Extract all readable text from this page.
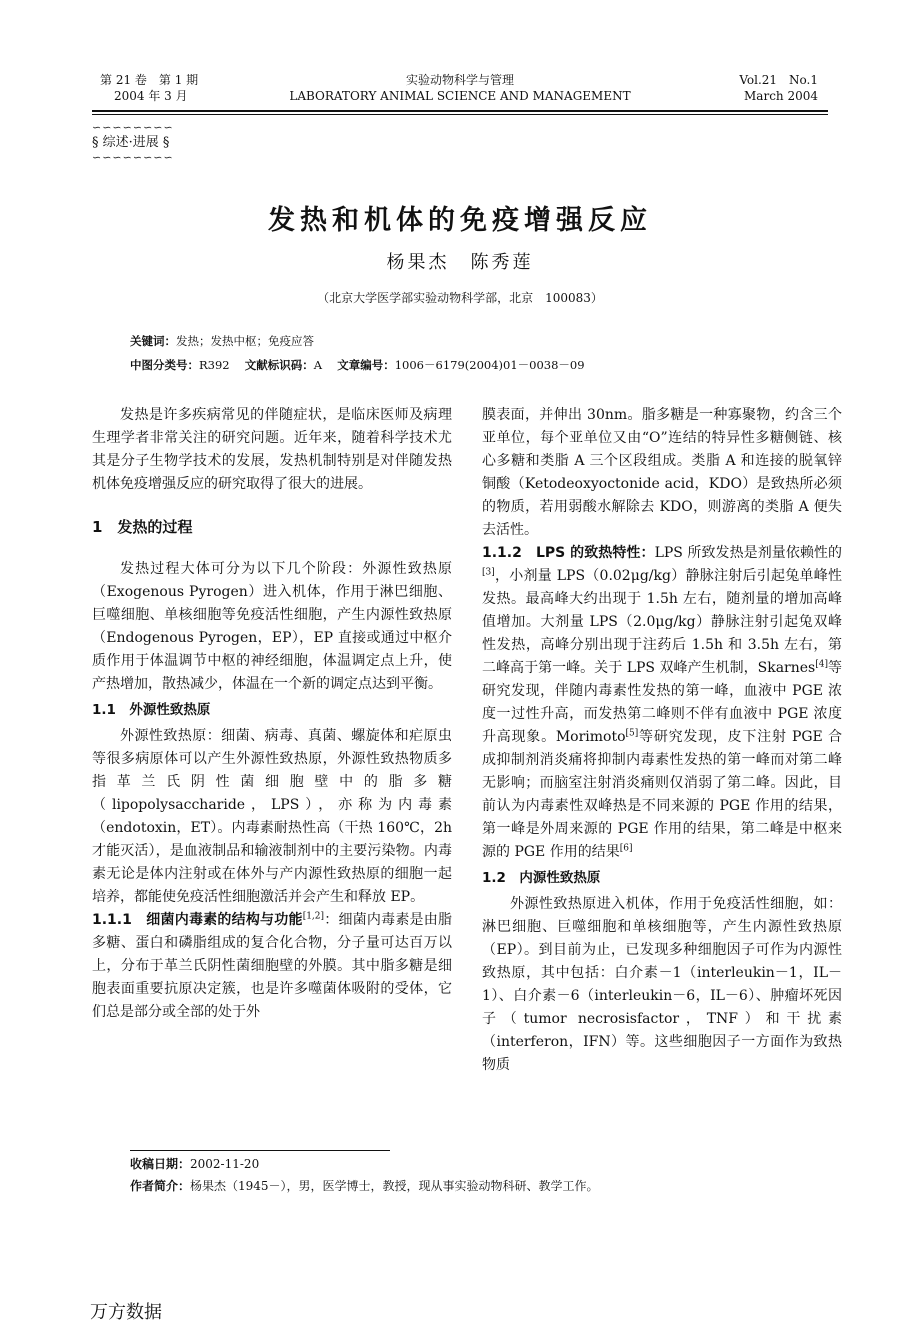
第 21 卷　第 1 期
2004 年 3 月
实验动物科学与管理
LABORATORY ANIMAL SCIENCE AND MANAGEMENT
Vol.21　No.1
March 2004
∽∽∽∽∽∽∽∽
§ 综述·进展 §
∽∽∽∽∽∽∽∽
发热和机体的免疫增强反应
杨果杰　陈秀莲
（北京大学医学部实验动物科学部，北京　100083）
关键词：发热；发热中枢；免疫应答
中图分类号：R392　 文献标识码：A　 文章编号：1006－6179(2004)01－0038－09

发热是许多疾病常见的伴随症状，是临床医师及病理生理学者非常关注的研究问题。近年来，随着科学技术尤其是分子生物学技术的发展，发热机制特别是对伴随发热机体免疫增强反应的研究取得了很大的进展。

1　发热的过程

发热过程大体可分为以下几个阶段：外源性致热原（Exogenous Pyrogen）进入机体，作用于淋巴细胞、巨噬细胞、单核细胞等免疫活性细胞，产生内源性致热原（Endogenous Pyrogen，EP），EP 直接或通过中枢介质作用于体温调节中枢的神经细胞，体温调定点上升，使产热增加，散热减少，体温在一个新的调定点达到平衡。

1.1　外源性致热原

外源性致热原：细菌、病毒、真菌、螺旋体和疟原虫等很多病原体可以产生外源性致热原，外源性致热物质多指革兰氏阴性菌细胞壁中的脂多糖（lipopolysaccharide，LPS），亦称为内毒素（endotoxin，ET）。内毒素耐热性高（干热 160℃，2h 才能灭活），是血液制品和输液制剂中的主要污染物。内毒素无论是体内注射或在体外与产内源性致热原的细胞一起培养，都能使免疫活性细胞激活并会产生和释放 EP。

1.1.1　细菌内毒素的结构与功能[1,2]：细菌内毒素是由脂多糖、蛋白和磷脂组成的复合化合物，分子量可达百万以上，分布于革兰氏阴性菌细胞壁的外膜。其中脂多糖是细胞表面重要抗原决定簇，也是许多噬菌体吸附的受体，它们总是部分或全部的处于外

膜表面，并伸出 30nm。脂多糖是一种寡聚物，约含三个亚单位，每个亚单位又由“O”连结的特异性多糖侧链、核心多糖和类脂 A 三个区段组成。类脂 A 和连接的脱氧锌铜酸（Ketodeoxyoctonide acid，KDO）是致热所必须的物质，若用弱酸水解除去 KDO，则游离的类脂 A 便失去活性。

1.1.2　LPS 的致热特性：LPS 所致发热是剂量依赖性的[3]，小剂量 LPS（0.02μg/kg）静脉注射后引起兔单峰性发热。最高峰大约出现于 1.5h 左右，随剂量的增加高峰值增加。大剂量 LPS（2.0μg/kg）静脉注射引起兔双峰性发热，高峰分别出现于注药后 1.5h 和 3.5h 左右，第二峰高于第一峰。关于 LPS 双峰产生机制，Skarnes[4]等研究发现，伴随内毒素性发热的第一峰，血液中 PGE 浓度一过性升高，而发热第二峰则不伴有血液中 PGE 浓度升高现象。Morimoto[5]等研究发现，皮下注射 PGE 合成抑制剂消炎痛将抑制内毒素性发热的第一峰而对第二峰无影响；而脑室注射消炎痛则仅消弱了第二峰。因此，目前认为内毒素性双峰热是不同来源的 PGE 作用的结果，第一峰是外周来源的 PGE 作用的结果，第二峰是中枢来源的 PGE 作用的结果[6]

1.2　内源性致热原

外源性致热原进入机体，作用于免疫活性细胞，如：淋巴细胞、巨噬细胞和单核细胞等，产生内源性致热原（EP）。到目前为止，已发现多种细胞因子可作为内源性致热原，其中包括：白介素－1（interleukin－1，IL－1）、白介素－6（interleukin－6，IL－6）、肿瘤坏死因子（tumor necrosisfactor，TNF）和干扰素（interferon，IFN）等。这些细胞因子一方面作为致热物质

收稿日期：2002-11-20
作者简介：杨果杰（1945－），男，医学博士，教授，现从事实验动物科研、教学工作。
万方数据
